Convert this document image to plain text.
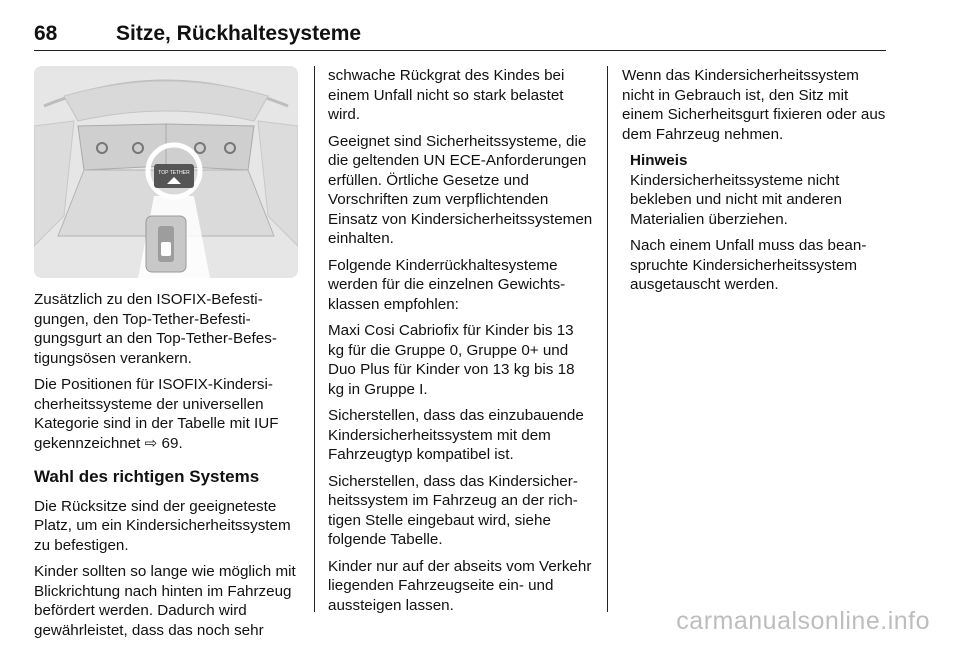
68	Sitze, Rückhaltesysteme
TOP TETHER

Zusätzlich zu den ISOFIX-Befestigungen, den Top-Tether-Befestigungsgurt an den Top-Tether-Befestigungsösen verankern.

Die Positionen für ISOFIX-Kindersicherheitssysteme der universellen Kategorie sind in der Tabelle mit IUF gekennzeichnet ⇨ 69.

Wahl des richtigen Systems

Die Rücksitze sind der geeigneteste Platz, um ein Kindersicherheitssystem zu befestigen.

Kinder sollten so lange wie möglich mit Blickrichtung nach hinten im Fahrzeug befördert werden. Dadurch wird gewährleistet, dass das noch sehr

schwache Rückgrat des Kindes bei einem Unfall nicht so stark belastet wird.

Geeignet sind Sicherheitssysteme, die die geltenden UN ECE-Anforderungen erfüllen. Örtliche Gesetze und Vorschriften zum verpflichtenden Einsatz von Kindersicherheitssystemen einhalten.

Folgende Kinderrückhaltesysteme werden für die einzelnen Gewichtsklassen empfohlen:

Maxi Cosi Cabriofix für Kinder bis 13 kg für die Gruppe 0, Gruppe 0+ und Duo Plus für Kinder von 13 kg bis 18 kg in Gruppe I.

Sicherstellen, dass das einzubauende Kindersicherheitssystem mit dem Fahrzeugtyp kompatibel ist.

Sicherstellen, dass das Kindersicherheitssystem im Fahrzeug an der richtigen Stelle eingebaut wird, siehe folgende Tabelle.

Kinder nur auf der abseits vom Verkehr liegenden Fahrzeugseite ein- und aussteigen lassen.

Wenn das Kindersicherheitssystem nicht in Gebrauch ist, den Sitz mit einem Sicherheitsgurt fixieren oder aus dem Fahrzeug nehmen.

Hinweis

Kindersicherheitssysteme nicht bekleben und nicht mit anderen Materialien überziehen.

Nach einem Unfall muss das beanspruchte Kindersicherheitssystem ausgetauscht werden.

carmanualsonline.info
